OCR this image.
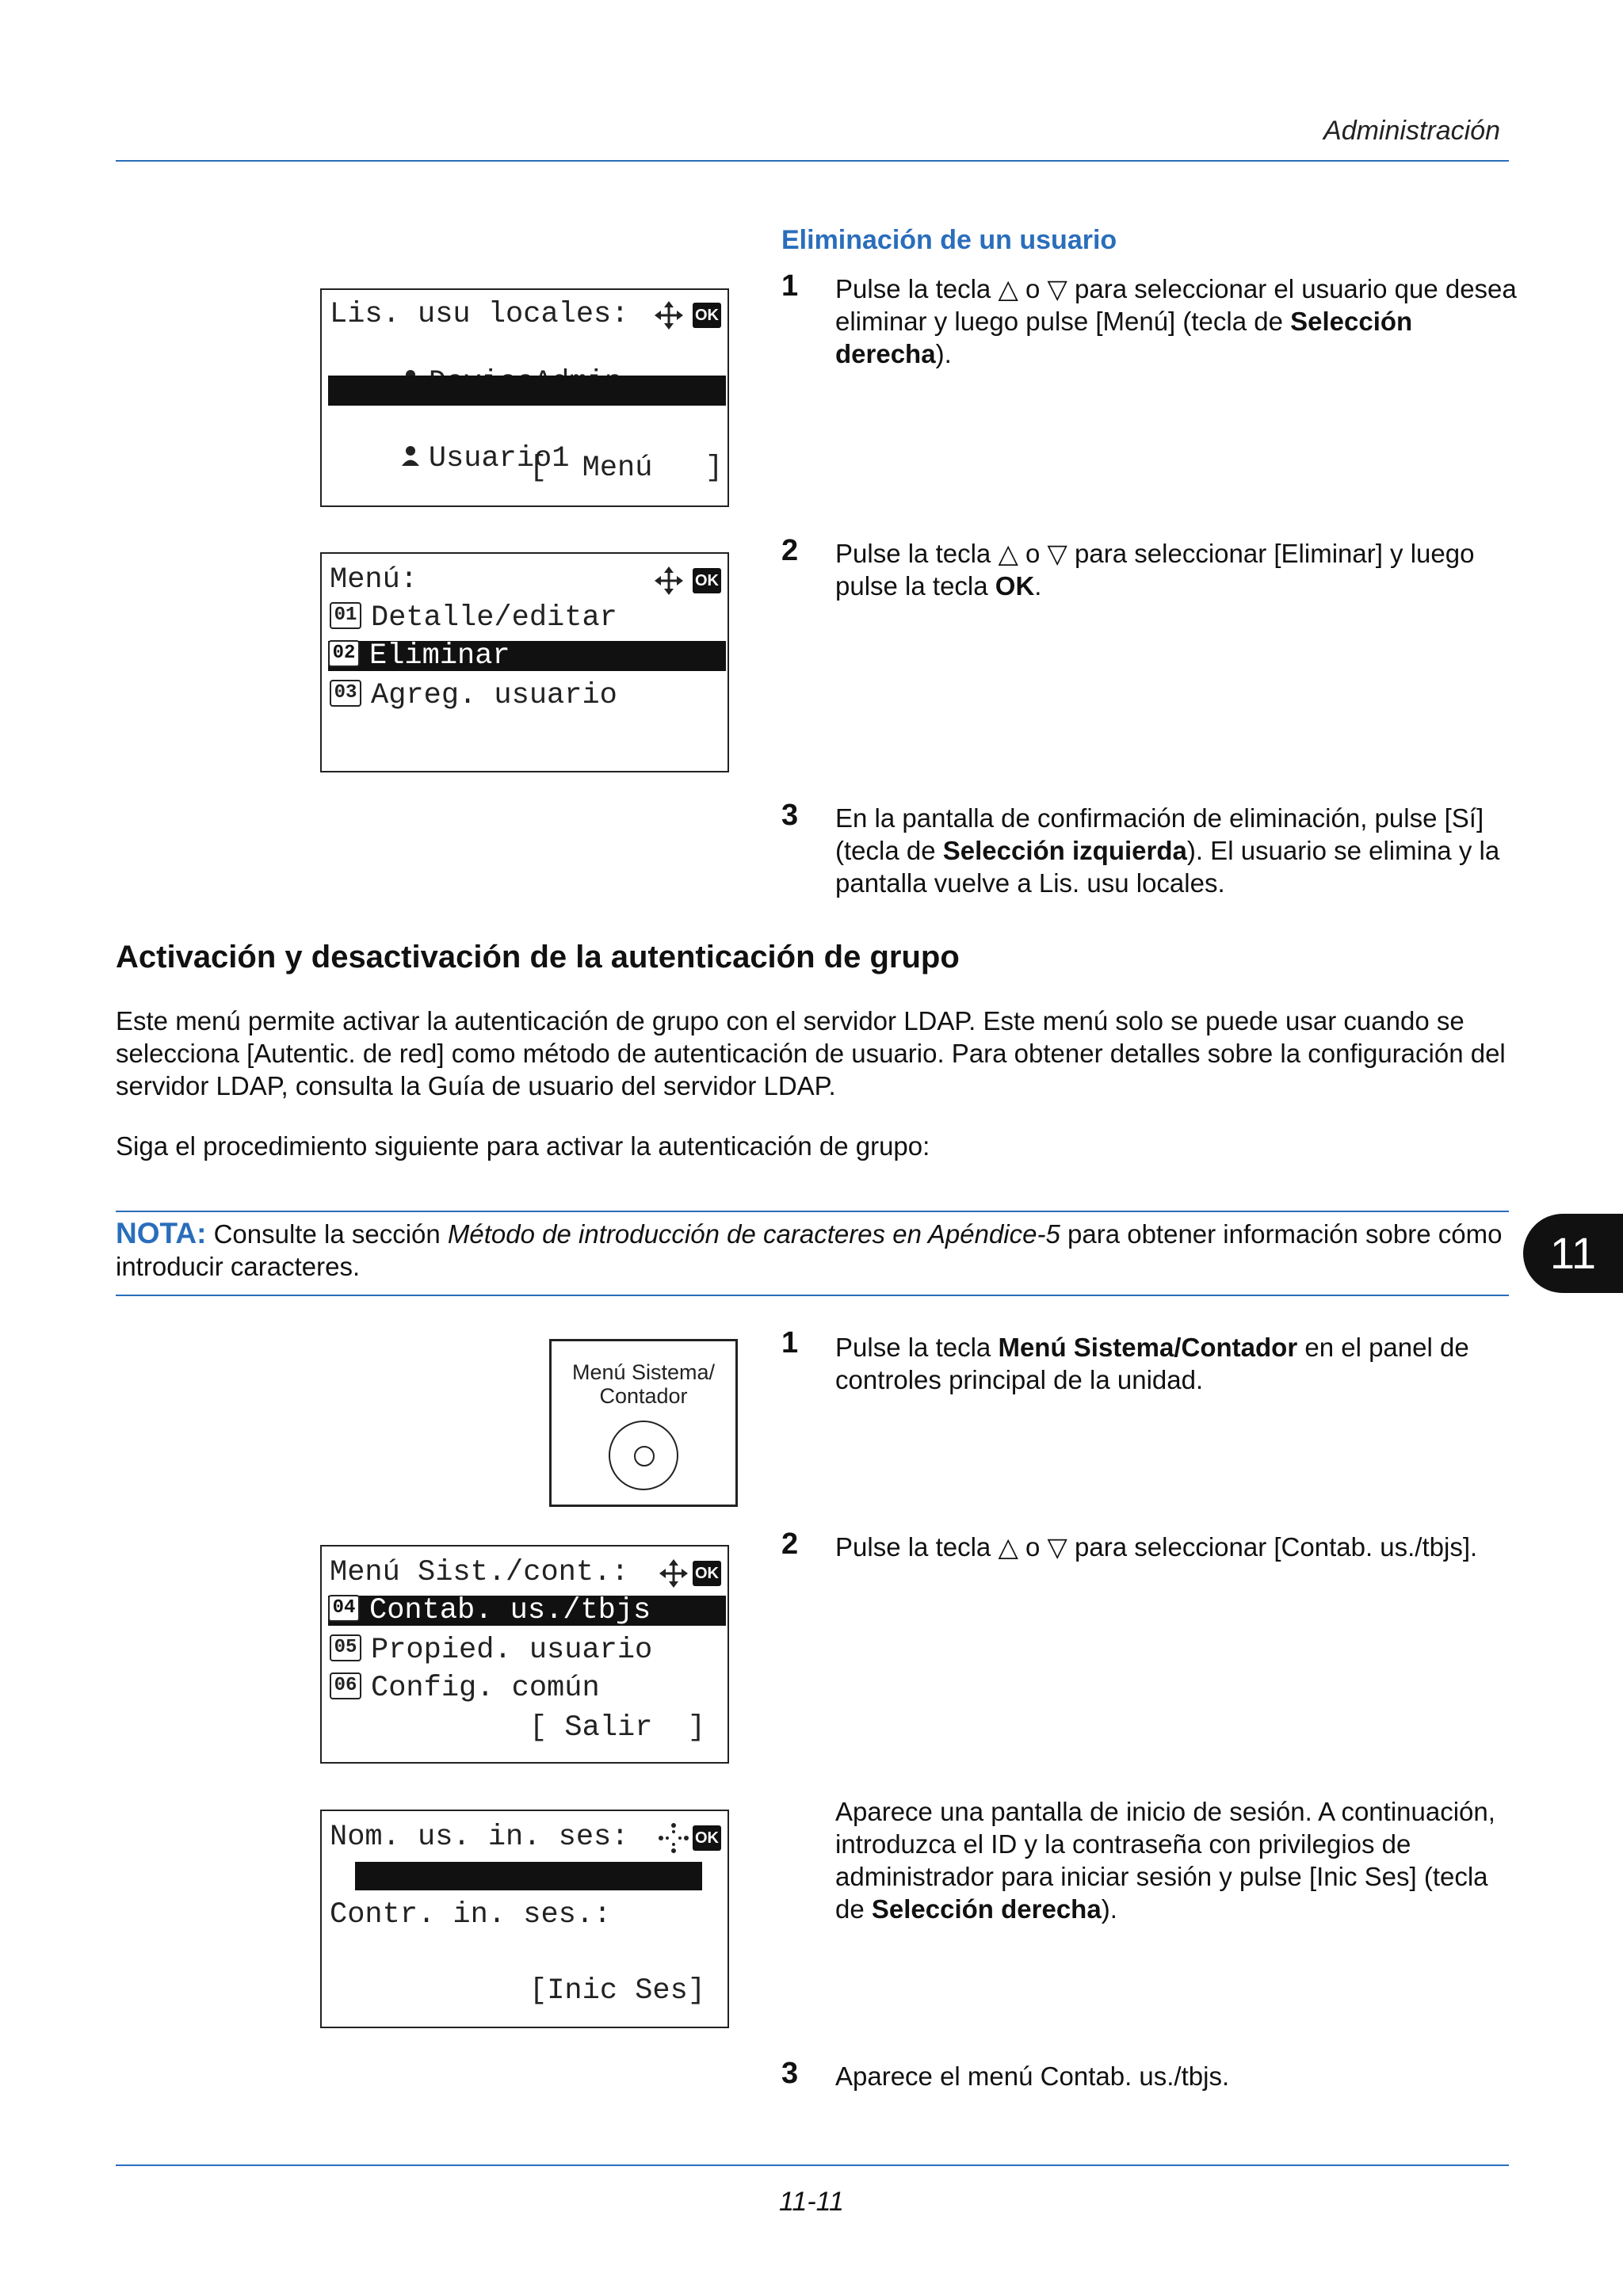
Administración
Eliminación de un usuario
Lis. usu locales:	OK

Admin

Usuario1

[  Menú   ]
1 Pulse la tecla △ o ▽ para seleccionar el usuario que desea eliminar y luego pulse [Menú] (tecla de Selección derecha).
Menú:	OK
01 Detalle/editar
02 Eliminar
03 Agreg. usuario
2 Pulse la tecla △ o ▽ para seleccionar [Eliminar] y luego pulse la tecla OK.
3 En la pantalla de confirmación de eliminación, pulse [Sí] (tecla de Selección izquierda). El usuario se elimina y la pantalla vuelve a Lis. usu locales.
Activación y desactivación de la autenticación de grupo
Este menú permite activar la autenticación de grupo con el servidor LDAP. Este menú solo se puede usar cuando se selecciona [Autentic. de red] como método de autenticación de usuario. Para obtener detalles sobre la configuración del servidor LDAP, consulta la Guía de usuario del servidor LDAP.
Siga el procedimiento siguiente para activar la autenticación de grupo:
NOTA: Consulte la sección Método de introducción de caracteres en Apéndice-5 para obtener información sobre cómo introducir caracteres.	11
Menú Sistema/
Contador
1 Pulse la tecla Menú Sistema/Contador en el panel de controles principal de la unidad.
Menú Sist./cont.:	OK
04 Contab. us./tbjs
05 Propied. usuario
06 Config. común
[ Salir  ]
2 Pulse la tecla △ o ▽ para seleccionar [Contab. us./tbjs].
Nom. us. in. ses:	OK
Contr. in. ses.:
[Inic Ses]
Aparece una pantalla de inicio de sesión. A continuación, introduzca el ID y la contraseña con privilegios de administrador para iniciar sesión y pulse [Inic Ses] (tecla de Selección derecha).
3 Aparece el menú Contab. us./tbjs.
11-11
